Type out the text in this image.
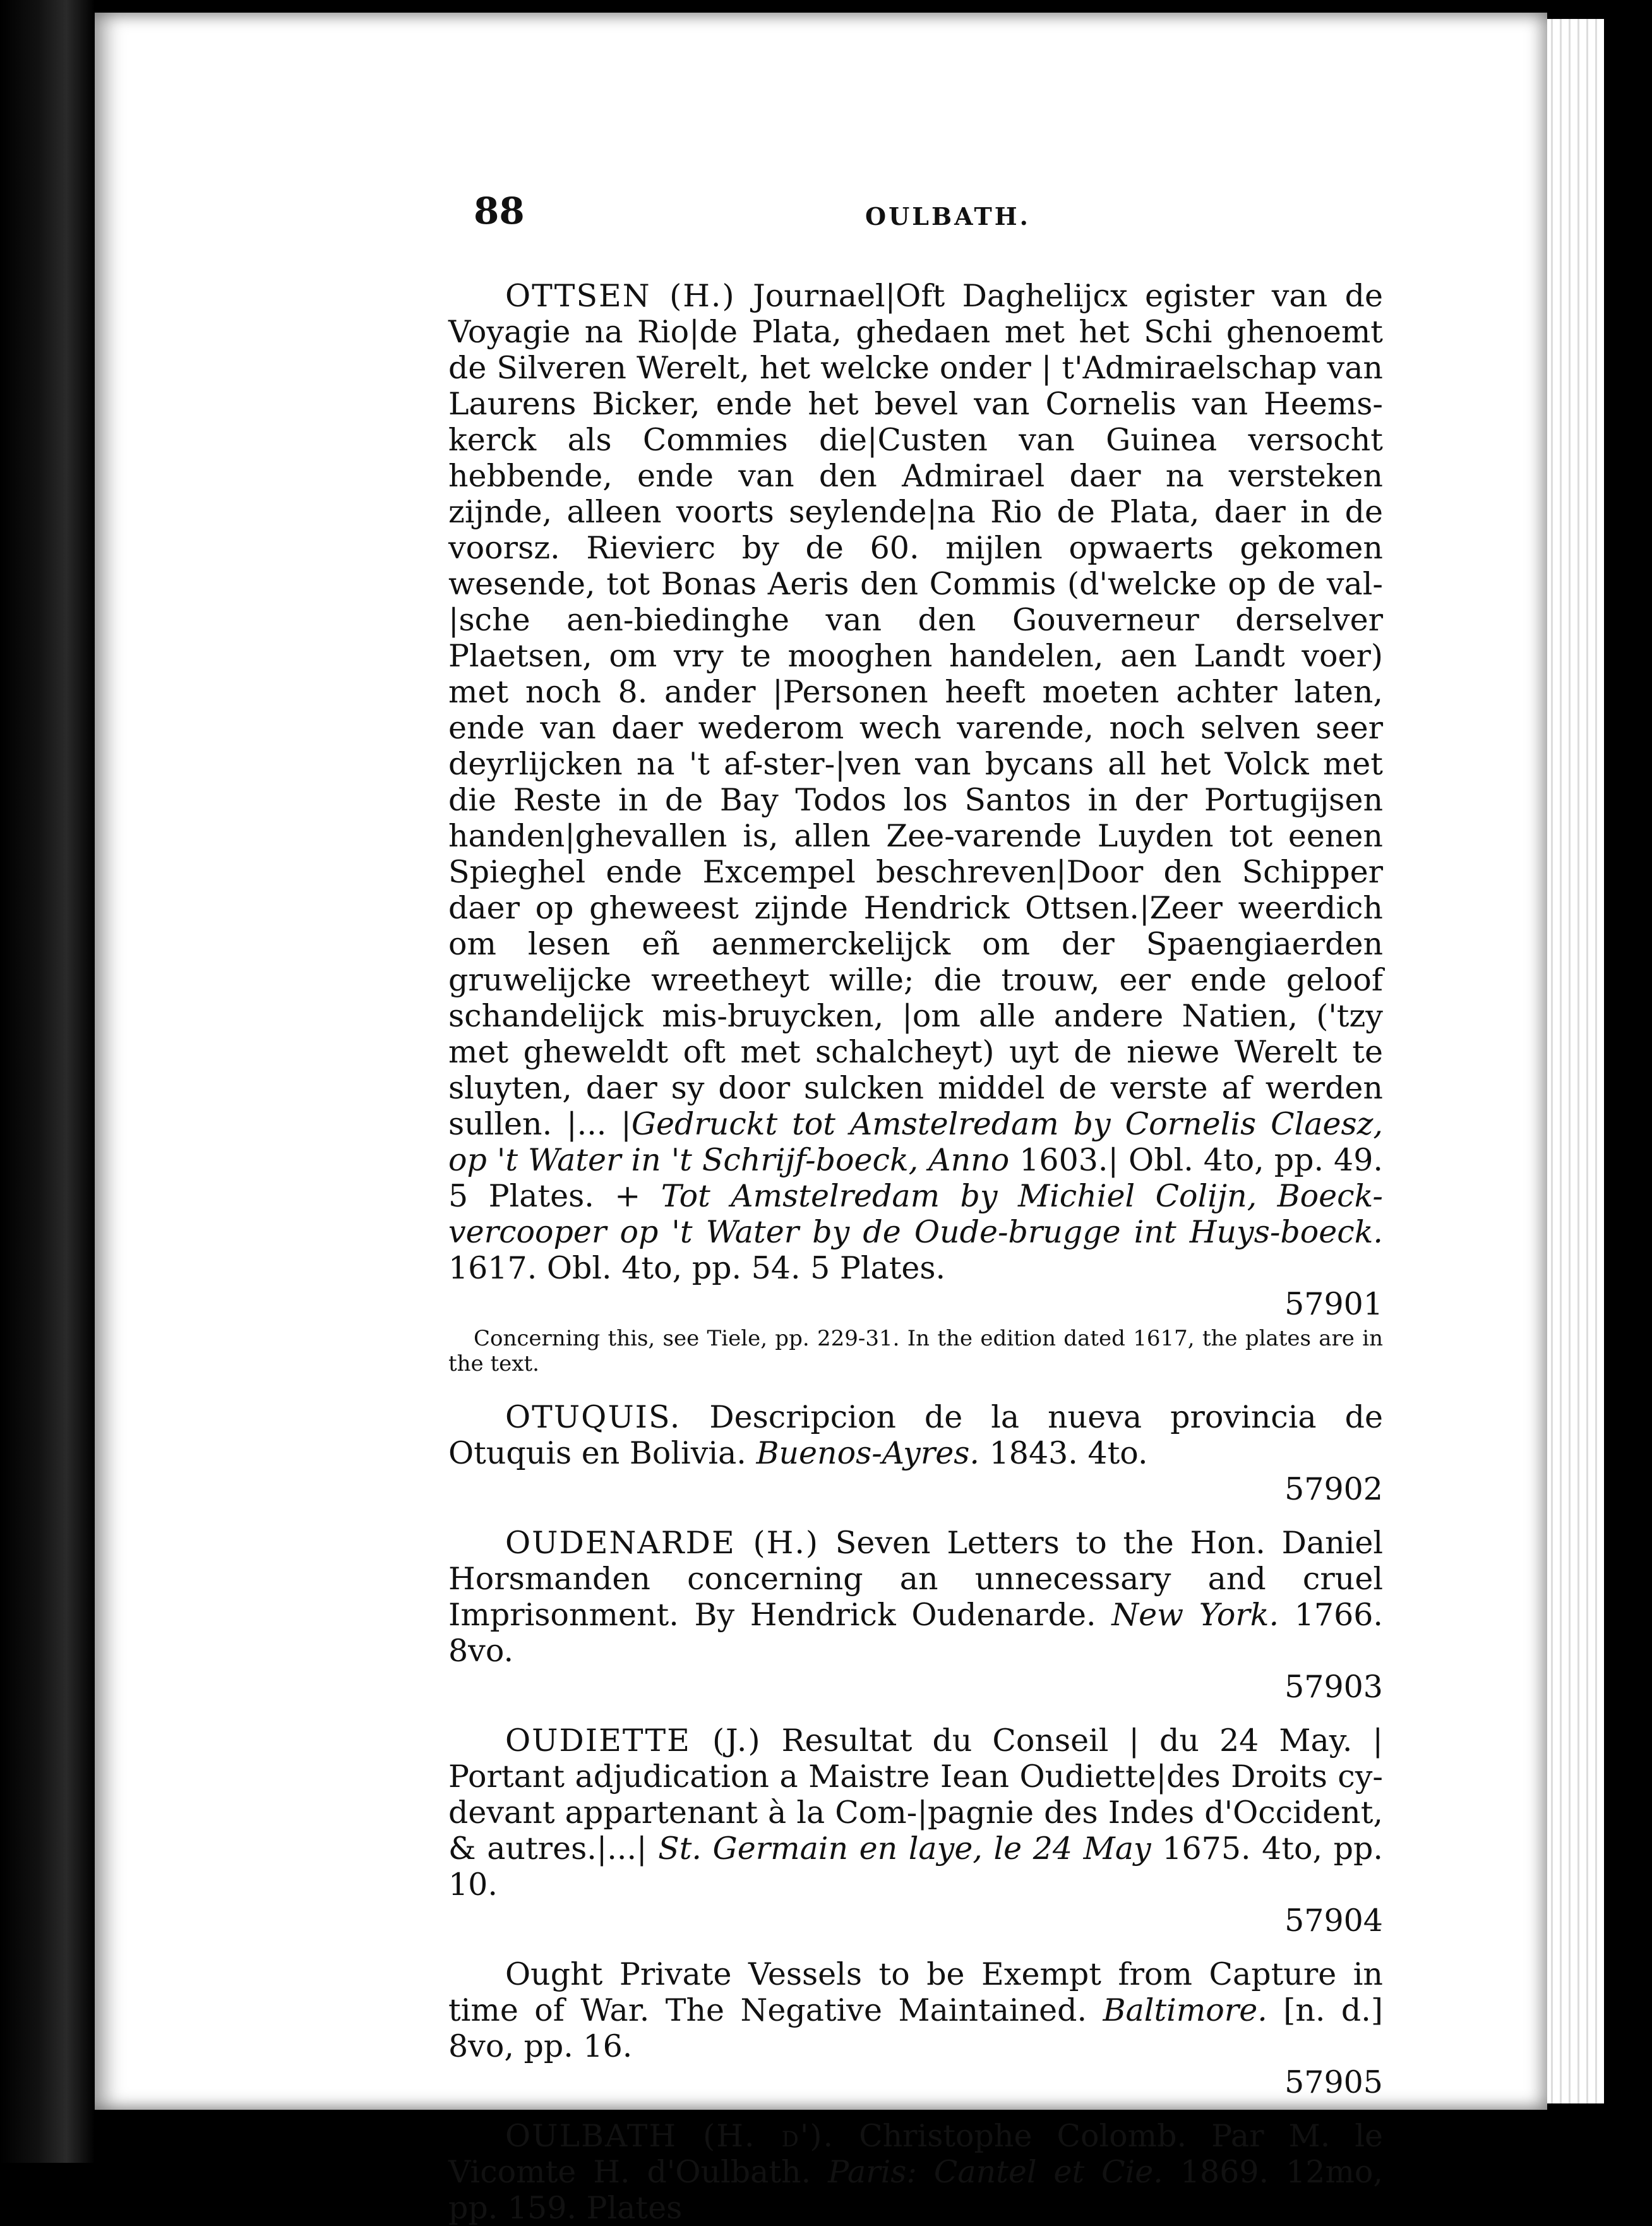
88	OULBATH.

OTTSEN (H.) Journael|Oft Daghelijcx egister van de Voyagie na Rio|de Plata, ghedaen met het Schi ghenoemt de Silveren Werelt, het welcke onder | t'Admiraelschap van Laurens Bicker, ende het bevel van Cornelis van Heems-kerck als Commies die|Custen van Guinea versocht hebbende, ende van den Admirael daer na versteken zijnde, alleen voorts seylende|na Rio de Plata, daer in de voorsz. Rievierc by de 60. mijlen opwaerts gekomen wesende, tot Bonas Aeris den Commis (d'welcke op de val-|sche aen-biedinghe van den Gouverneur derselver Plaetsen, om vry te mooghen handelen, aen Landt voer) met noch 8. ander |Personen heeft moeten achter laten, ende van daer wederom wech varende, noch selven seer deyrlijcken na 't af-ster-|ven van bycans all het Volck met die Reste in de Bay Todos los Santos in der Portugijsen handen|ghevallen is, allen Zee-varende Luyden tot eenen Spieghel ende Excempel beschreven|Door den Schipper daer op gheweest zijnde Hendrick Ottsen.|Zeer weerdich om lesen eñ aenmerckelijck om der Spaengiaerden gruwelijcke wreetheyt wille; die trouw, eer ende geloof schandelijck mis-bruycken, |om alle andere Natien, ('tzy met gheweldt oft met schalcheyt) uyt de niewe Werelt te sluyten, daer sy door sulcken middel de verste af werden sullen. |... |Gedruckt tot Amstelredam by Cornelis Claesz, op 't Water in 't Schrijf-boeck, Anno 1603.| Obl. 4to, pp. 49. 5 Plates. + Tot Amstelredam by Michiel Colijn, Boeck-vercooper op 't Water by de Oude-brugge int Huys-boeck. 1617. Obl. 4to, pp. 54. 5 Plates.
57901

Concerning this, see Tiele, pp. 229-31. In the edition dated 1617, the plates are in the text.

OTUQUIS. Descripcion de la nueva provincia de Otuquis en Bolivia. Buenos-Ayres. 1843. 4to.
57902

OUDENARDE (H.) Seven Letters to the Hon. Daniel Horsmanden concerning an unnecessary and cruel Imprisonment. By Hendrick Oudenarde. New York. 1766. 8vo.
57903

OUDIETTE (J.) Resultat du Conseil | du 24 May. | Portant adjudication a Maistre Iean Oudiette|des Droits cy-devant appartenant à la Com-|pagnie des Indes d'Occident, & autres.|...| St. Germain en laye, le 24 May 1675. 4to, pp. 10.
57904

Ought Private Vessels to be Exempt from Capture in time of War. The Negative Maintained. Baltimore. [n. d.] 8vo, pp. 16.
57905

OULBATH (H. d'). Christophe Colomb. Par M. le Vicomte H. d'Oulbath. Paris: Cantel et Cie. 1869. 12mo, pp. 159. Plates
